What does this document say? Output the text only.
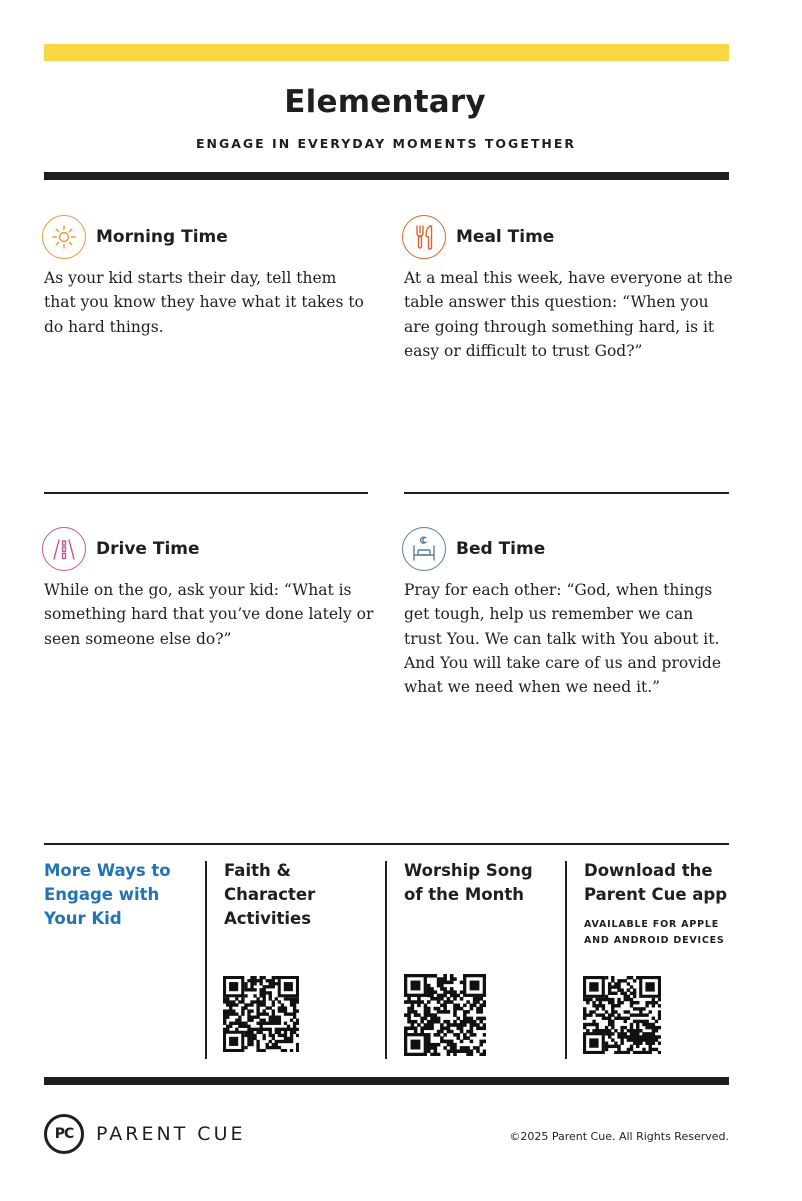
Elementary
ENGAGE IN EVERYDAY MOMENTS TOGETHER
Morning Time

As your kid starts their day, tell them that you know they have what it takes to do hard things.

Meal Time

At a meal this week, have everyone at the table answer this question: “When you are going through something hard, is it easy or difficult to trust God?”

Drive Time

While on the go, ask your kid: “What is something hard that you’ve done lately or seen someone else do?”

Bed Time

Pray for each other: “God, when things get tough, help us remember we can trust You. We can talk with You about it. And You will take care of us and provide what we need when we need it.”

More Ways to Engage with Your Kid
Faith & Character Activities
Worship Song of the Month
Download the Parent Cue app
AVAILABLE FOR APPLE AND ANDROID DEVICES
PC	PARENT CUE	©2025 Parent Cue. All Rights Reserved.
